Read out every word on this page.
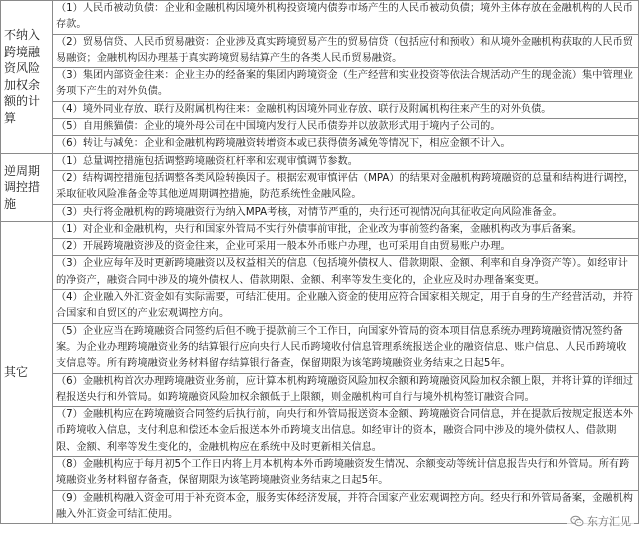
不纳入跨境融资风险加权余额的计算	（1）人民币被动负债：企业和金融机构因境外机构投资境内债券市场产生的人民币被动负债；境外主体存放在金融机构的人民币存款。
	（2）贸易信贷、人民币贸易融资：企业涉及真实跨境贸易产生的贸易信贷（包括应付和预收）和从境外金融机构获取的人民币贸易融资；金融机构因办理基于真实跨境贸易结算产生的各类人民币贸易融资。
	（3）集团内部资金往来：企业主办的经备案的集团内跨境资金（生产经营和实业投资等依法合规活动产生的现金流）集中管理业务项下产生的对外负债。
	（4）境外同业存放、联行及附属机构往来：金融机构因境外同业存放、联行及附属机构往来产生的对外负债。
	（5）自用熊猫债：企业的境外母公司在中国境内发行人民币债券并以放款形式用于境内子公司的。
	（6）转让与减免：企业和金融机构跨境融资转增资本或已获得债务减免等情况下，相应金额不计入。
逆周期调控措施	（1）总量调控措施包括调整跨境融资杠杆率和宏观审慎调节参数。
	（2）结构调控措施包括调整各类风险转换因子。根据宏观审慎评估（MPA）的结果对金融机构跨境融资的总量和结构进行调控，采取征收风险准备金等其他逆周期调控措施，防范系统性金融风险。
	（3）央行将金融机构的跨境融资行为纳入MPA考核，对情节严重的，央行还可视情况向其征收定向风险准备金。
其它	（1）对企业和金融机构，央行和国家外管局不实行外债事前审批，企业改为事前签约备案，金融机构改为事后备案。
	（2）开展跨境融资涉及的资金往来，企业可采用一般本外币账户办理，也可采用自由贸易账户办理。
	（3）企业应每年及时更新跨境融资以及权益相关的信息（包括境外债权人、借款期限、金额、利率和自身净资产等）。如经审计的净资产，融资合同中涉及的境外债权人、借款期限、金额、利率等发生变化的，企业应及时办理备案变更。
	（4）企业融入外汇资金如有实际需要，可结汇使用。企业融入资金的使用应符合国家相关规定，用于自身的生产经营活动，并符合国家和自贸区的产业宏观调控方向。
	（5）企业应当在跨境融资合同签约后但不晚于提款前三个工作日，向国家外管局的资本项目信息系统办理跨境融资情况签约备案。为企业办理跨境融资业务的结算银行应向央行人民币跨境收付信息管理系统报送企业的融资信息、账户信息、人民币跨境收支信息等。所有跨境融资业务材料留存结算银行备查，保留期限为该笔跨境融资业务结束之日起5年。
	（6）金融机构首次办理跨境融资业务前，应计算本机构跨境融资风险加权余额和跨境融资风险加权余额上限，并将计算的详细过程报送央行和外管局。如跨境融资风险加权余额低于上限额，则金融机构可自行与境外机构签订融资合同。
	（7）金融机构应在跨境融资合同签约后执行前，向央行和外管局报送资本金额、跨境融资合同信息，并在提款后按规定报送本外币跨境收入信息，支付利息和偿还本金后报送本外币跨境支出信息。如经审计的资本，融资合同中涉及的境外债权人、借款期限、金额、利率等发生变化的，金融机构应在系统中及时更新相关信息。
	（8）金融机构应于每月初5个工作日内将上月本机构本外币跨境融资发生情况、余额变动等统计信息报告央行和外管局。所有跨境融资业务材料留存备查，保留期限为该笔跨境融资业务结束之日起5年。
	（9）金融机构融入资金可用于补充资本金，服务实体经济发展，并符合国家产业宏观调控方向。经央行和外管局备案，金融机构融入外汇资金可结汇使用。
东方汇见
